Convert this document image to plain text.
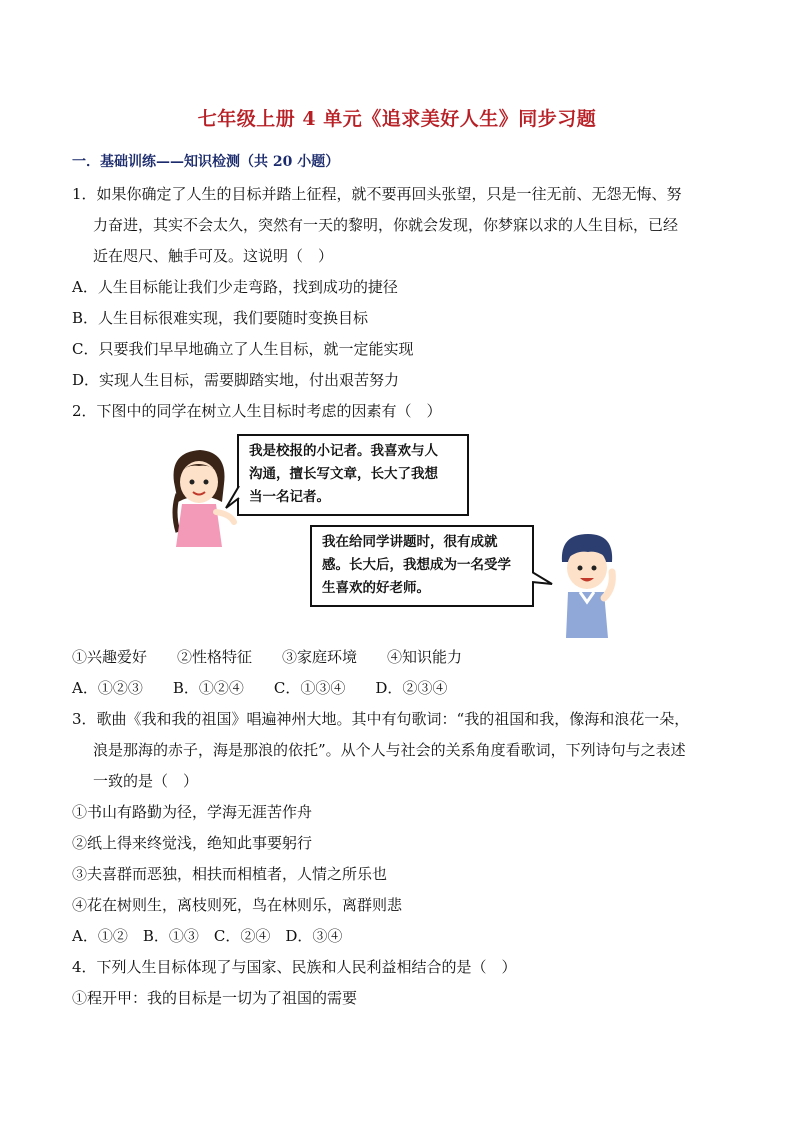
七年级上册 4 单元《追求美好人生》同步习题
一．基础训练——知识检测（共 20 小题）
1．如果你确定了人生的目标并踏上征程，就不要再回头张望，只是一往无前、无怨无悔、努
力奋进，其实不会太久，突然有一天的黎明，你就会发现，你梦寐以求的人生目标，已经
近在咫尺、触手可及。这说明（　）
A．人生目标能让我们少走弯路，找到成功的捷径
B．人生目标很难实现，我们要随时变换目标
C．只要我们早早地确立了人生目标，就一定能实现
D．实现人生目标，需要脚踏实地，付出艰苦努力
2．下图中的同学在树立人生目标时考虑的因素有（　）
我是校报的小记者。我喜欢与人
沟通，擅长写文章，长大了我想
当一名记者。
我在给同学讲题时，很有成就
感。长大后，我想成为一名受学
生喜欢的好老师。
①兴趣爱好　　②性格特征　　③家庭环境　　④知识能力
A．①②③　　B．①②④　　C．①③④　　D．②③④
3．歌曲《我和我的祖国》唱遍神州大地。其中有句歌词：“我的祖国和我，像海和浪花一朵，
浪是那海的赤子，海是那浪的依托”。从个人与社会的关系角度看歌词，下列诗句与之表述
一致的是（　）
①书山有路勤为径，学海无涯苦作舟
②纸上得来终觉浅，绝知此事要躬行
③夫喜群而恶独，相扶而相植者，人情之所乐也
④花在树则生，离枝则死，鸟在林则乐，离群则悲
A．①②　B．①③　C．②④　D．③④
4．下列人生目标体现了与国家、民族和人民利益相结合的是（　）
①程开甲：我的目标是一切为了祖国的需要
